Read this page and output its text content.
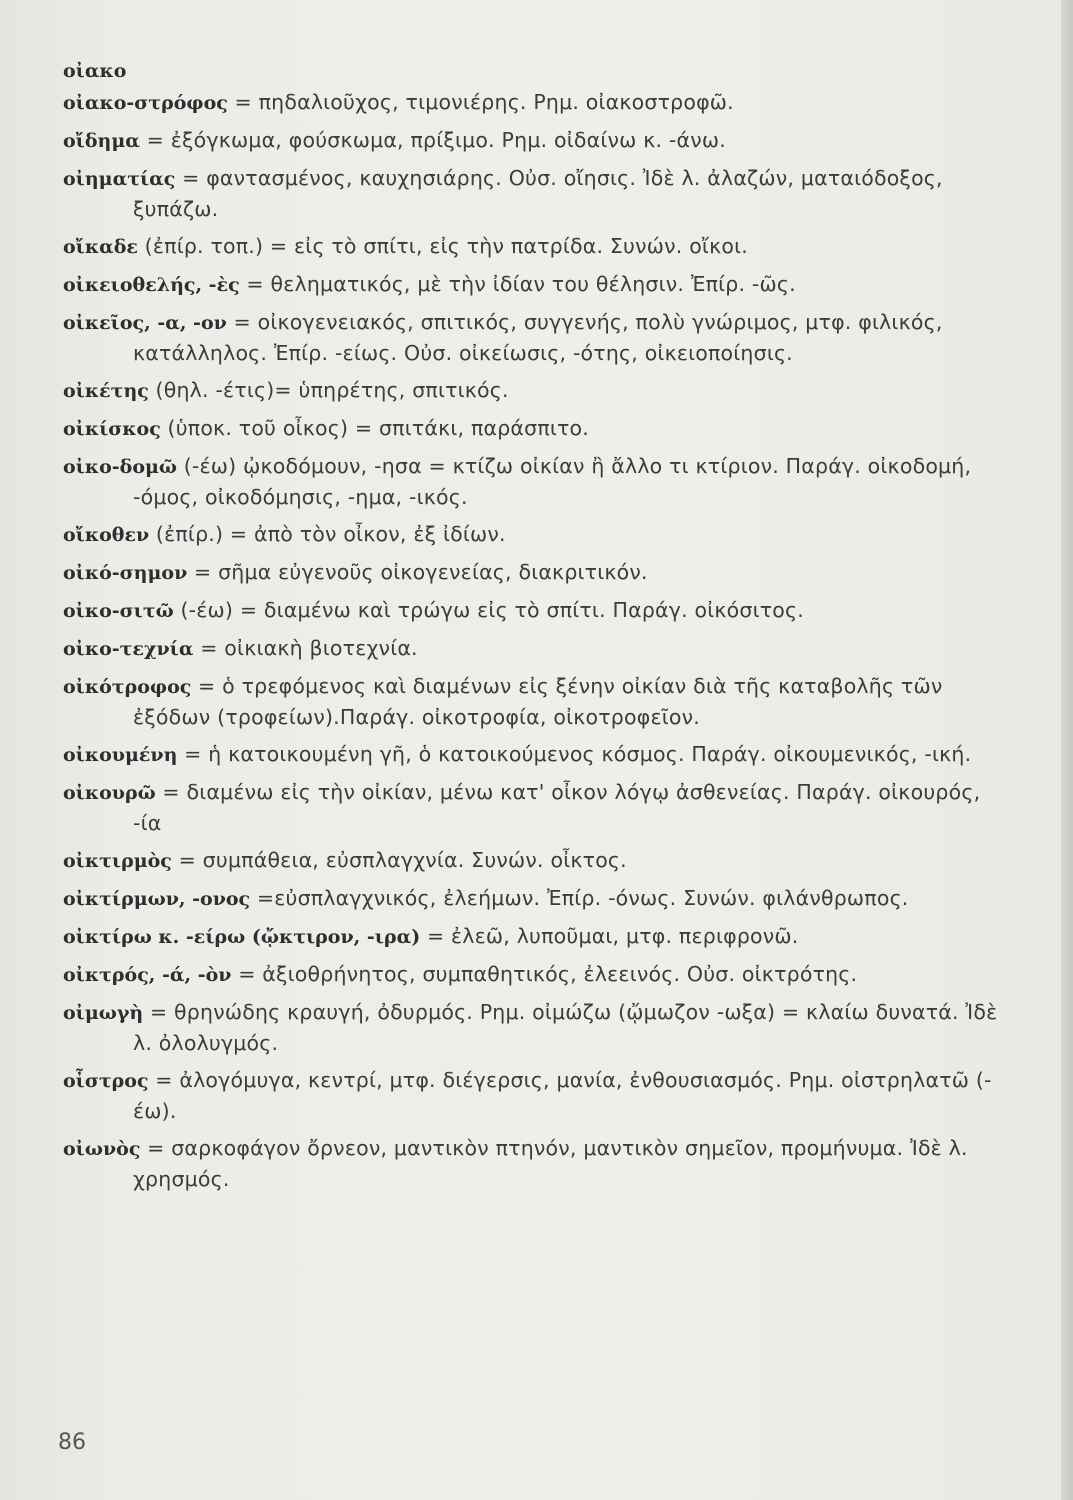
οἰακο
οἰακο-στρόφος = πηδαλιοῦχος, τιμονιέρης. Ρημ. οἰακοστροφῶ.
οἴδημα = ἐξόγκωμα, φούσκωμα, πρίξιμο. Ρημ. οἰδαίνω κ. -άνω.
οἰηματίας = φαντασμένος, καυχησιάρης. Οὐσ. οἴησις. Ἰδὲ λ. ἀλαζών, ματαιόδοξος, ξυπάζω.
οἴκαδε (ἐπίρ. τοπ.) = εἰς τὸ σπίτι, εἰς τὴν πατρίδα. Συνών. οἴκοι.
οἰκειοθελής, -ὲς = θεληματικός, μὲ τὴν ἰδίαν του θέλησιν. Ἐπίρ. -ῶς.
οἰκεῖος, -α, -ον = οἰκογενειακός, σπιτικός, συγγενής, πολὺ γνώριμος, μτφ. φιλικός, κατάλληλος. Ἐπίρ. -είως. Οὐσ. οἰκείωσις, -ότης, οἰκειοποίησις.
οἰκέτης (θηλ. -έτις)= ὑπηρέτης, σπιτικός.
οἰκίσκος (ὑποκ. τοῦ οἶκος) = σπιτάκι, παράσπιτο.
οἰκο-δομῶ (-έω) ᾠκοδόμουν, -ησα = κτίζω οἰκίαν ἢ ἄλλο τι κτίριον. Παράγ. οἰκοδομή, -όμος, οἰκοδόμησις, -ημα, -ικός.
οἴκοθεν (ἐπίρ.) = ἀπὸ τὸν οἶκον, ἐξ ἰδίων.
οἰκό-σημον = σῆμα εὐγενοῦς οἰκογενείας, διακριτικόν.
οἰκο-σιτῶ (-έω) = διαμένω καὶ τρώγω εἰς τὸ σπίτι. Παράγ. οἰκόσιτος.
οἰκο-τεχνία = οἰκιακὴ βιοτεχνία.
οἰκότροφος = ὁ τρεφόμενος καὶ διαμένων εἰς ξένην οἰκίαν διὰ τῆς καταβολῆς τῶν ἐξόδων (τροφείων).Παράγ. οἰκοτροφία, οἰκοτροφεῖον.
οἰκουμένη = ἡ κατοικουμένη γῆ, ὁ κατοικούμενος κόσμος. Παράγ. οἰκουμενικός, -ική.
οἰκουρῶ = διαμένω εἰς τὴν οἰκίαν, μένω κατ' οἶκον λόγῳ ἀσθενείας. Παράγ. οἰκουρός, -ία
οἰκτιρμὸς = συμπάθεια, εὐσπλαγχνία. Συνών. οἶκτος.
οἰκτίρμων, -ονος =εὐσπλαγχνικός, ἐλεήμων. Ἐπίρ. -όνως. Συνών. φιλάνθρωπος.
οἰκτίρω κ. -είρω (ᾤκτιρον, -ιρα) = ἐλεῶ, λυποῦμαι, μτφ. περιφρονῶ.
οἰκτρός, -ά, -ὸν = ἀξιοθρήνητος, συμπαθητικός, ἐλεεινός. Οὐσ. οἰκτρότης.
οἰμωγὴ = θρηνώδης κραυγή, ὀδυρμός. Ρημ. οἰμώζω (ᾤμωζον -ωξα) = κλαίω δυνατά. Ἰδὲ λ. ὀλολυγμός.
οἶστρος = ἀλογόμυγα, κεντρί, μτφ. διέγερσις, μανία, ἐνθουσιασμός. Ρημ. οἰστρηλατῶ (-έω).
οἰωνὸς = σαρκοφάγον ὄρνεον, μαντικὸν πτηνόν, μαντικὸν σημεῖον, προμήνυμα. Ἰδὲ λ. χρησμός.
86
